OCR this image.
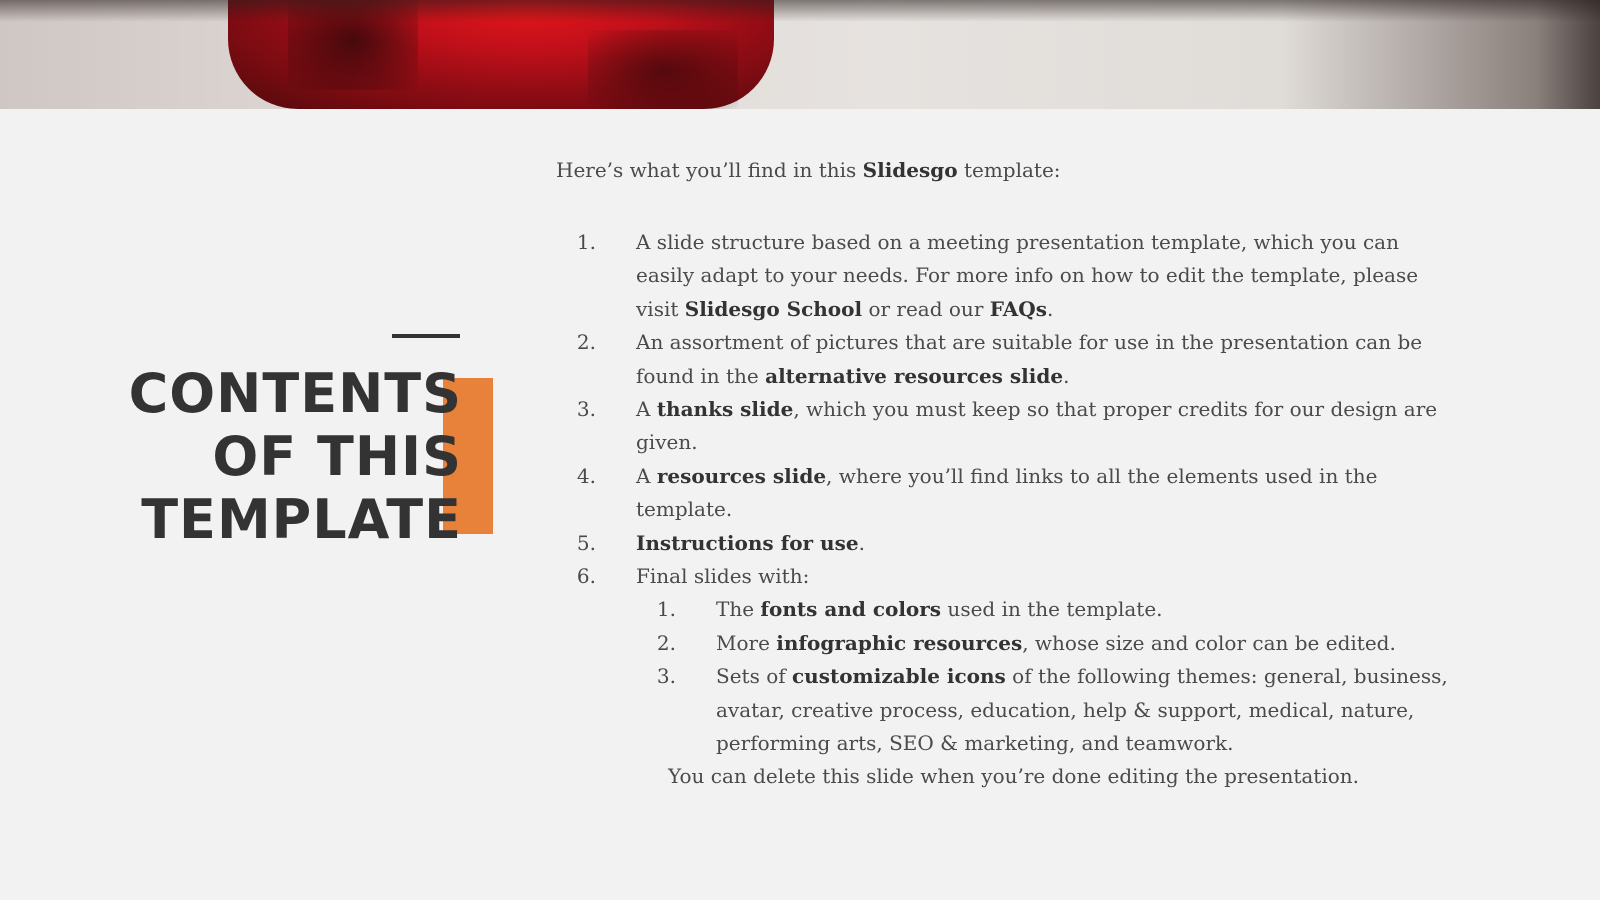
CONTENTS
OF THIS
TEMPLATE

Here’s what you’ll find in this Slidesgo template:

1. A slide structure based on a meeting presentation template, which you can easily adapt to your needs. For more info on how to edit the template, please visit Slidesgo School or read our FAQs.
2. An assortment of pictures that are suitable for use in the presentation can be found in the alternative resources slide.
3. A thanks slide, which you must keep so that proper credits for our design are given.
4. A resources slide, where you’ll find links to all the elements used in the template.
5. Instructions for use.
6. Final slides with:
1. The fonts and colors used in the template.
2. More infographic resources, whose size and color can be edited.
3. Sets of customizable icons of the following themes: general, business, avatar, creative process, education, help & support, medical, nature, performing arts, SEO & marketing, and teamwork.

You can delete this slide when you’re done editing the presentation.
